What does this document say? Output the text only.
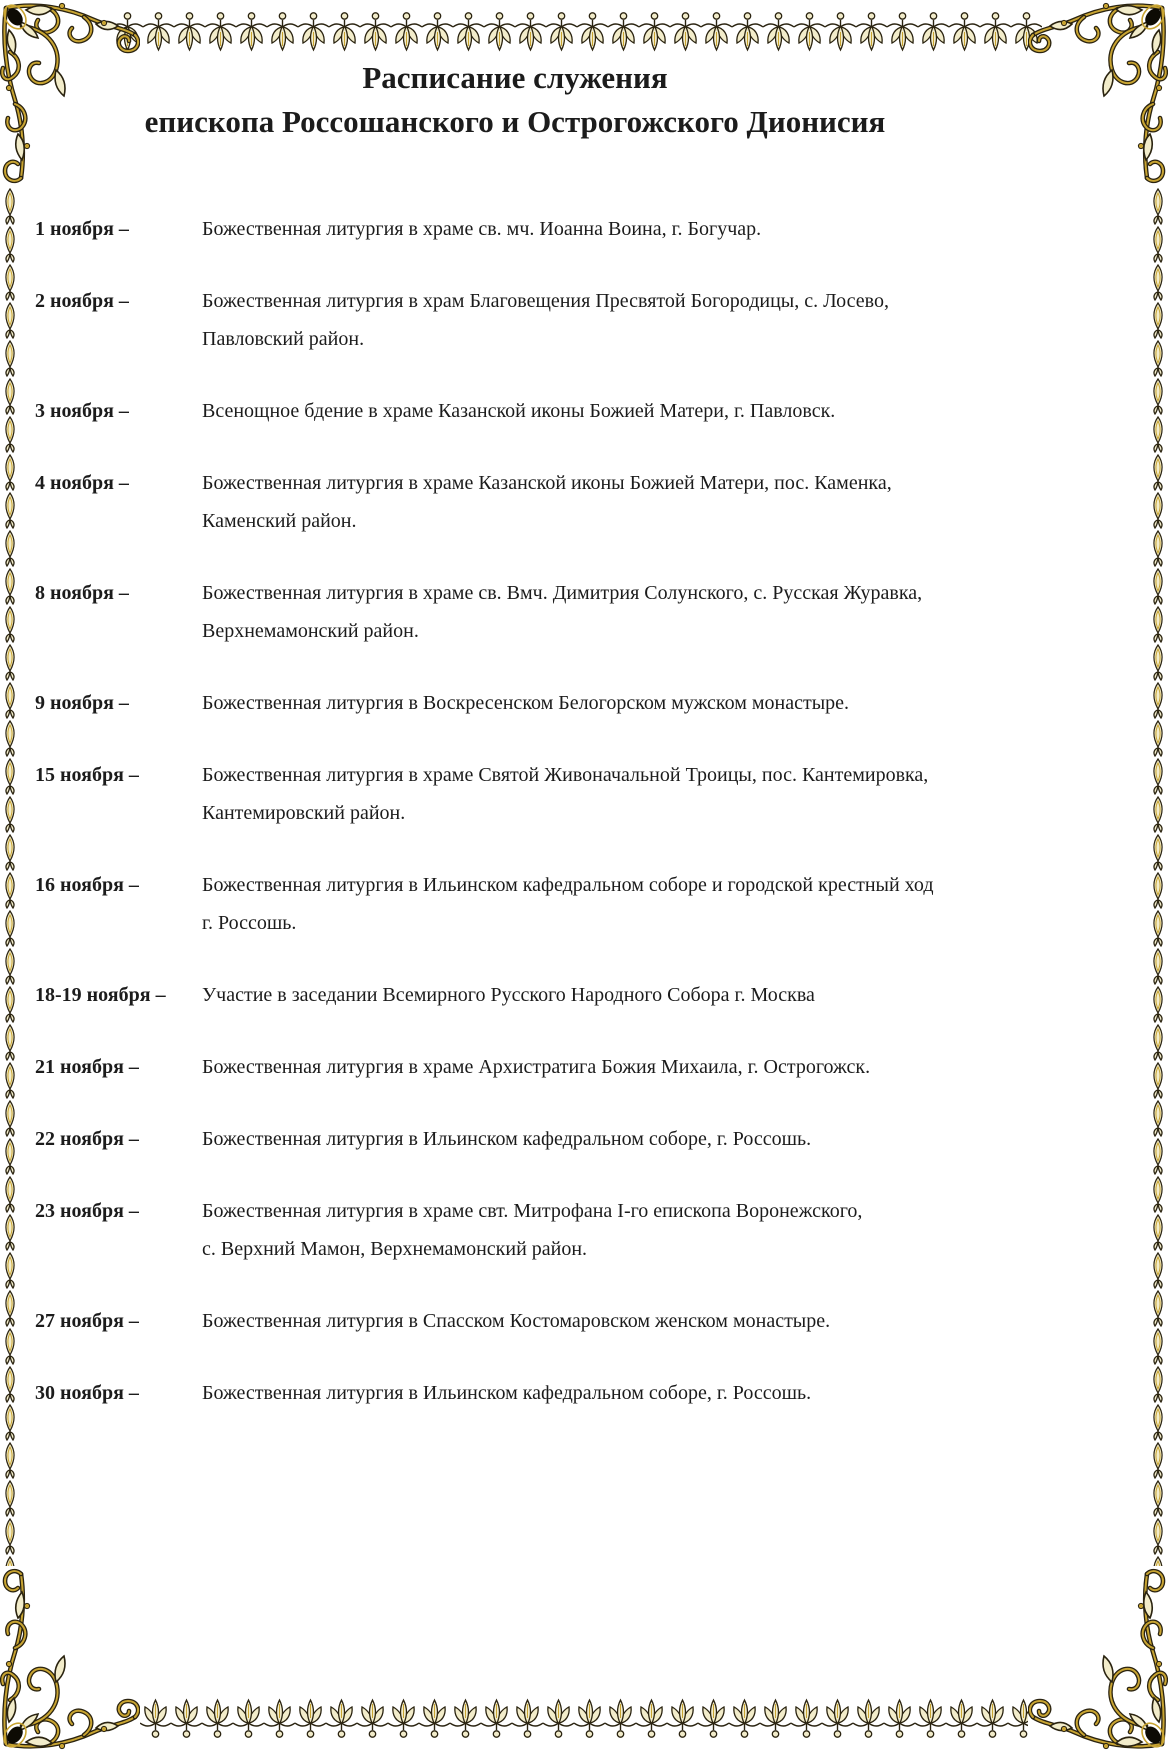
Расписание служения
епископа Россошанского и Острогожского Дионисия
1 ноября –	Божественная литургия в храме св. мч. Иоанна Воина, г. Богучар.
2 ноября –	Божественная литургия в храм Благовещения Пресвятой Богородицы, с. Лосево,
Павловский район.
3 ноября –	Всенощное бдение в храме Казанской иконы Божией Матери, г. Павловск.
4 ноября –	Божественная литургия в храме Казанской иконы Божией Матери, пос. Каменка,
Каменский район.
8 ноября –	Божественная литургия в храме св. Вмч. Димитрия Солунского, с. Русская Журавка,
Верхнемамонский район.
9 ноября –	Божественная литургия в Воскресенском Белогорском мужском монастыре.
15 ноября –	Божественная литургия в храме Святой Живоначальной Троицы, пос. Кантемировка,
Кантемировский район.
16 ноября –	Божественная литургия в Ильинском кафедральном соборе и городской крестный ход
г. Россошь.
18-19 ноября –	Участие в заседании Всемирного Русского Народного Собора г. Москва
21 ноября –	Божественная литургия в храме Архистратига Божия Михаила, г. Острогожск.
22 ноября –	Божественная литургия в Ильинском кафедральном соборе, г. Россошь.
23 ноября –	Божественная литургия в храме свт. Митрофана I-го епископа Воронежского,
с. Верхний Мамон, Верхнемамонский район.
27 ноября –	Божественная литургия в Спасском Костомаровском женском монастыре.
30 ноября –	Божественная литургия в Ильинском кафедральном соборе, г. Россошь.
